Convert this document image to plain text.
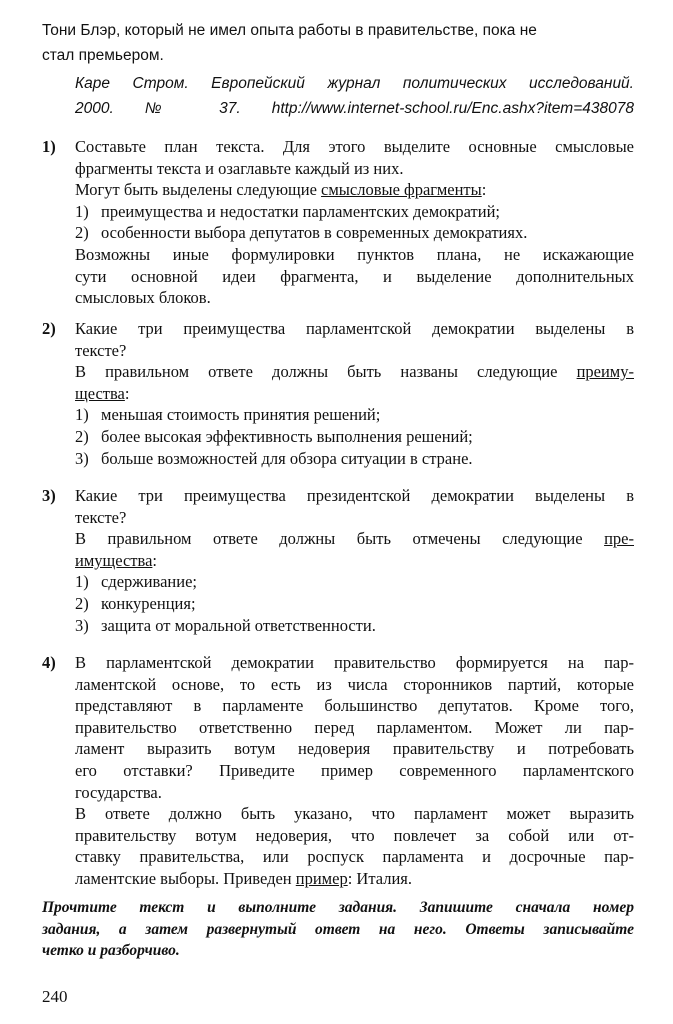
Тони Блэр, который не имел опыта работы в правительстве, пока не
стал премьером.
Каре Стром. Европейский журнал политических исследований.
2000. № 37. http://www.internet-school.ru/Enc.ashx?item=438078
1) Составьте план текста. Для этого выделите основные смысловые
фрагменты текста и озаглавьте каждый из них.
Могут быть выделены следующие смысловые фрагменты:
1) преимущества и недостатки парламентских демократий;
2) особенности выбора депутатов в современных демократиях.
Возможны иные формулировки пунктов плана, не искажающие
сути основной идеи фрагмента, и выделение дополнительных
смысловых блоков.
2) Какие три преимущества парламентской демократии выделены в
тексте?
В правильном ответе должны быть названы следующие преиму-
щества:
1) меньшая стоимость принятия решений;
2) более высокая эффективность выполнения решений;
3) больше возможностей для обзора ситуации в стране.
3) Какие три преимущества президентской демократии выделены в
тексте?
В правильном ответе должны быть отмечены следующие пре-
имущества:
1) сдерживание;
2) конкуренция;
3) защита от моральной ответственности.
4) В парламентской демократии правительство формируется на пар-
ламентской основе, то есть из числа сторонников партий, которые
представляют в парламенте большинство депутатов. Кроме того,
правительство ответственно перед парламентом. Может ли пар-
ламент выразить вотум недоверия правительству и потребовать
его отставки? Приведите пример современного парламентского
государства.
В ответе должно быть указано, что парламент может выразить
правительству вотум недоверия, что повлечет за собой или от-
ставку правительства, или роспуск парламента и досрочные пар-
ламентские выборы. Приведен пример: Италия.
Прочтите текст и выполните задания. Запишите сначала номер
задания, а затем развернутый ответ на него. Ответы записывайте
четко и разборчиво.
240
